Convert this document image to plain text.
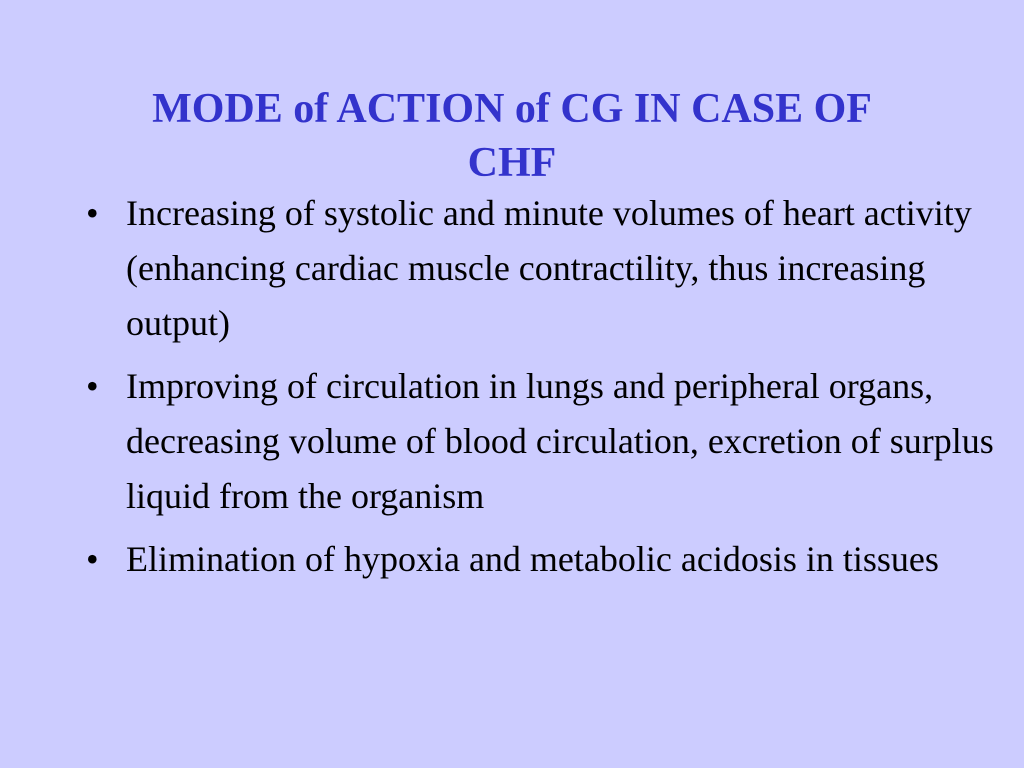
MODE of ACTION of CG IN CASE OF
CHF
• Increasing of systolic and minute volumes of heart activity (enhancing cardiac muscle contractility, thus increasing output)
• Improving of circulation in lungs and peripheral organs, decreasing volume of blood circulation, excretion of surplus liquid from the organism
• Elimination of hypoxia and metabolic acidosis in tissues
